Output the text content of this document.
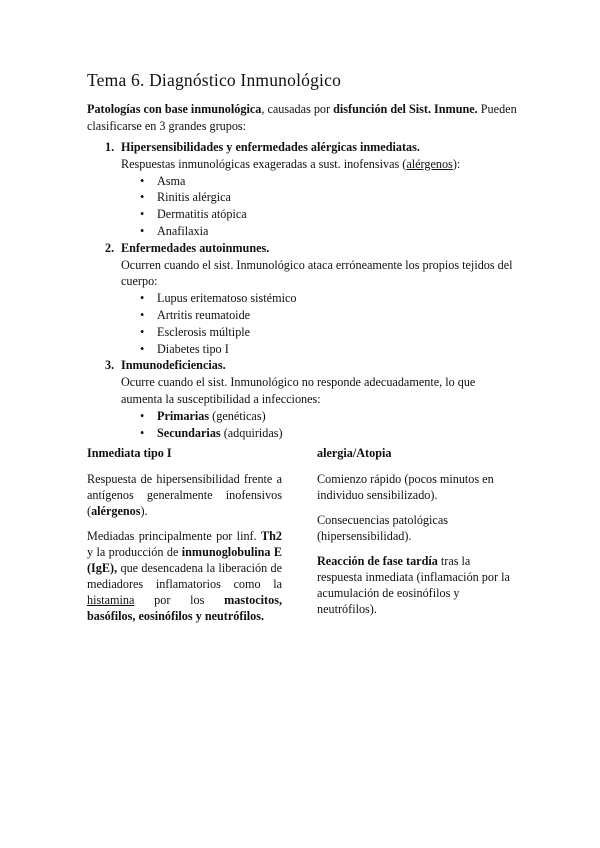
Tema 6. Diagnóstico Inmunológico

Patologías con base inmunológica, causadas por disfunción del Sist. Inmune. Pueden clasificarse en 3 grandes grupos:

1. Hipersensibilidades y enfermedades alérgicas inmediatas.
Respuestas inmunológicas exageradas a sust. inofensivas (alérgenos):
• Asma
• Rinitis alérgica
• Dermatitis atópica
• Anafilaxia
2. Enfermedades autoinmunes.
Ocurren cuando el sist. Inmunológico ataca erróneamente los propios tejidos del cuerpo:
• Lupus eritematoso sistémico
• Artritis reumatoide
• Esclerosis múltiple
• Diabetes tipo I
3. Inmunodeficiencias.
Ocurre cuando el sist. Inmunológico no responde adecuadamente, lo que aumenta la susceptibilidad a infecciones:
• Primarias (genéticas)
• Secundarias (adquiridas)
Inmediata tipo I

Respuesta de hipersensibilidad frente a antígenos generalmente inofensivos (alérgenos).

Mediadas principalmente por linf. Th2 y la producción de inmunoglobulina E (IgE), que desencadena la liberación de mediadores inflamatorios como la histamina por los mastocitos, basófilos, eosinófilos y neutrófilos.

alergia/Atopia

Comienzo rápido (pocos minutos en individuo sensibilizado).

Consecuencias patológicas (hipersensibilidad).

Reacción de fase tardía tras la respuesta inmediata (inflamación por la acumulación de eosinófilos y neutrófilos).
